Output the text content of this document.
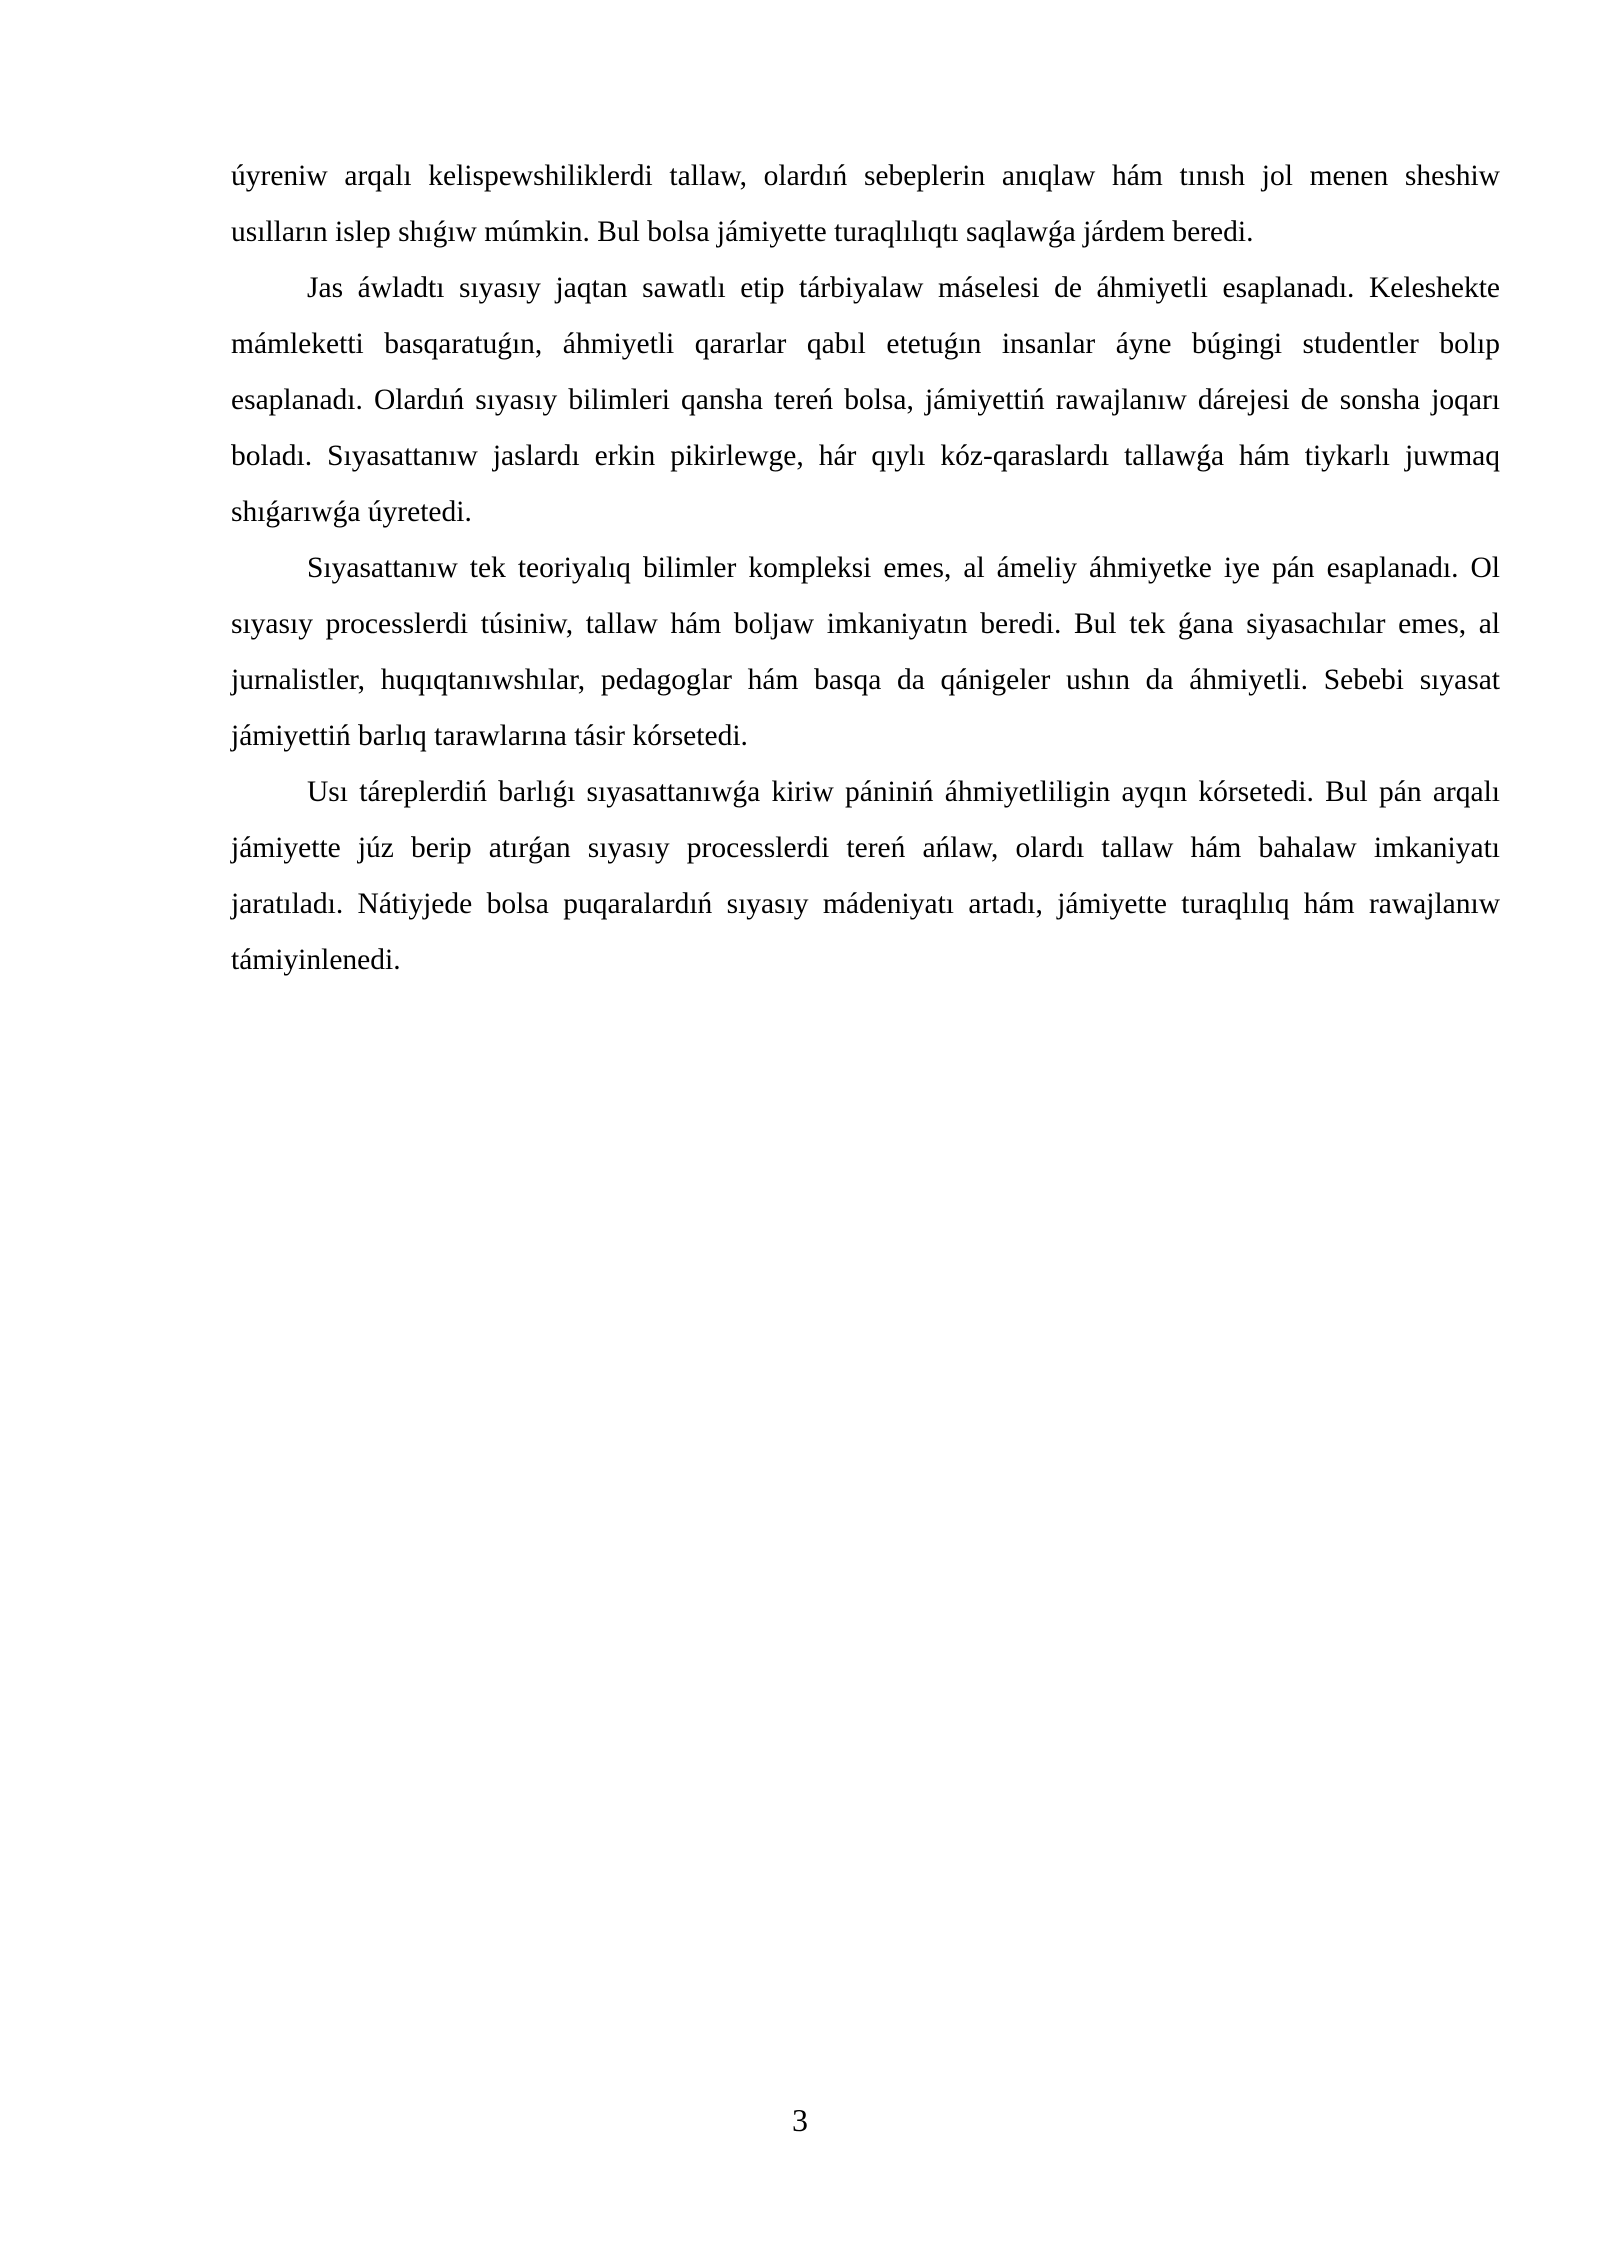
úyreniw arqalı kelispewshiliklerdi tallaw, olardıń sebeplerin anıqlaw hám tınısh jol menen sheshiw usılların islep shıǵıw múmkin. Bul bolsa jámiyette turaqlılıqtı saqlawǵa járdem beredi.

Jas áwladtı sıyasıy jaqtan sawatlı etip tárbiyalaw máselesi de áhmiyetli esaplanadı. Keleshekte mámleketti basqaratuǵın, áhmiyetli qararlar qabıl etetuǵın insanlar áyne búgingi studentler bolıp esaplanadı. Olardıń sıyasıy bilimleri qansha tereń bolsa, jámiyettiń rawajlanıw dárejesi de sonsha joqarı boladı. Sıyasattanıw jaslardı erkin pikirlewge, hár qıylı kóz-qaraslardı tallawǵa hám tiykarlı juwmaq shıǵarıwǵa úyretedi.

Sıyasattanıw tek teoriyalıq bilimler kompleksi emes, al ámeliy áhmiyetke iye pán esaplanadı. Ol sıyasıy processlerdi túsiniw, tallaw hám boljaw imkaniyatın beredi. Bul tek ǵana siyasachılar emes, al jurnalistler, huqıqtanıwshılar, pedagoglar hám basqa da qánigeler ushın da áhmiyetli. Sebebi sıyasat jámiyettiń barlıq tarawlarına tásir kórsetedi.

Usı táreplerdiń barlıǵı sıyasattanıwǵa kiriw pániniń áhmiyetliligin ayqın kórsetedi. Bul pán arqalı jámiyette júz berip atırǵan sıyasıy processlerdi tereń ańlaw, olardı tallaw hám bahalaw imkaniyatı jaratıladı. Nátiyjede bolsa puqaralardıń sıyasıy mádeniyatı artadı, jámiyette turaqlılıq hám rawajlanıw támiyinlenedi.

3
